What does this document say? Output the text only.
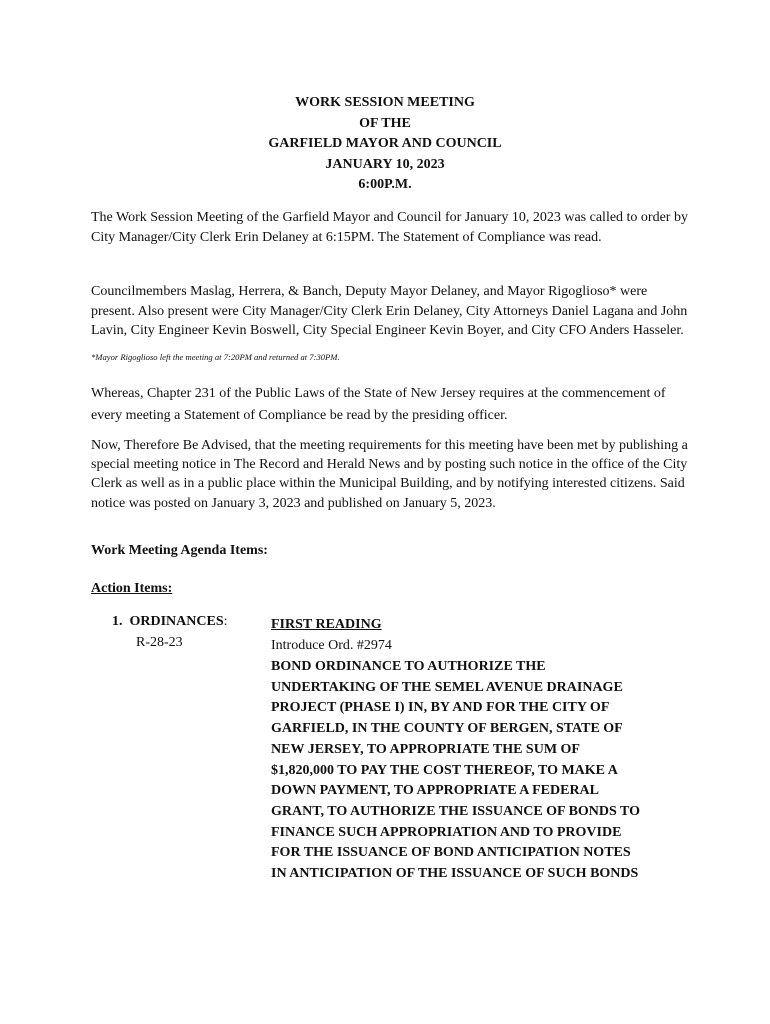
WORK SESSION MEETING
OF THE
GARFIELD MAYOR AND COUNCIL
JANUARY 10, 2023
6:00P.M.

The Work Session Meeting of the Garfield Mayor and Council for January 10, 2023 was called to order by City Manager/City Clerk Erin Delaney at 6:15PM. The Statement of Compliance was read.

Councilmembers Maslag, Herrera, & Banch, Deputy Mayor Delaney, and Mayor Rigoglioso* were present. Also present were City Manager/City Clerk Erin Delaney, City Attorneys Daniel Lagana and John Lavin, City Engineer Kevin Boswell, City Special Engineer Kevin Boyer, and City CFO Anders Hasseler.

*Mayor Rigoglioso left the meeting at 7:20PM and returned at 7:30PM.

Whereas, Chapter 231 of the Public Laws of the State of New Jersey requires at the commencement of every meeting a Statement of Compliance be read by the presiding officer.

Now, Therefore Be Advised, that the meeting requirements for this meeting have been met by publishing a special meeting notice in The Record and Herald News and by posting such notice in the office of the City Clerk as well as in a public place within the Municipal Building, and by notifying interested citizens. Said notice was posted on January 3, 2023 and published on January 5, 2023.

Work Meeting Agenda Items:
Action Items:
1. ORDINANCES:
R-28-23
FIRST READING
Introduce Ord. #2974
BOND ORDINANCE TO AUTHORIZE THE
UNDERTAKING OF THE SEMEL AVENUE DRAINAGE
PROJECT (PHASE I) IN, BY AND FOR THE CITY OF
GARFIELD, IN THE COUNTY OF BERGEN, STATE OF
NEW JERSEY, TO APPROPRIATE THE SUM OF
$1,820,000 TO PAY THE COST THEREOF, TO MAKE A
DOWN PAYMENT, TO APPROPRIATE A FEDERAL
GRANT, TO AUTHORIZE THE ISSUANCE OF BONDS TO
FINANCE SUCH APPROPRIATION AND TO PROVIDE
FOR THE ISSUANCE OF BOND ANTICIPATION NOTES
IN ANTICIPATION OF THE ISSUANCE OF SUCH BONDS
